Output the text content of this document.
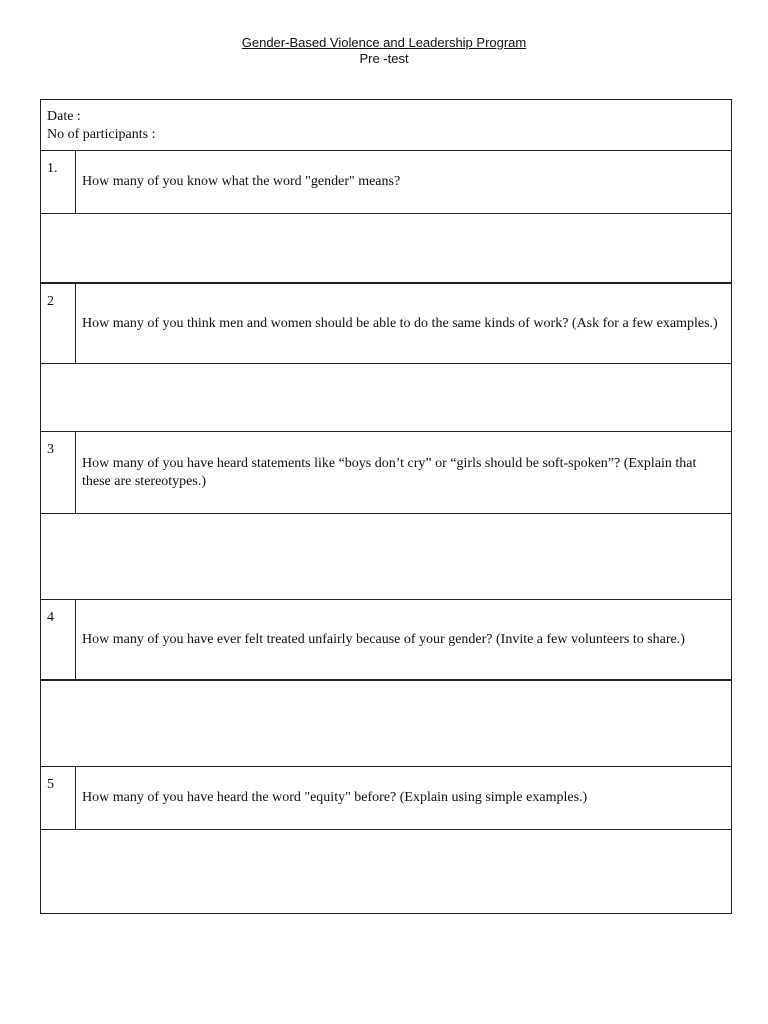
Gender-Based Violence and Leadership Program
Pre -test
Date :
No of participants :
1.
How many of you know what the word "gender" means?
2
How many of you think men and women should be able to do the same kinds of work? (Ask for a few examples.)
3
How many of you have heard statements like “boys don’t cry” or “girls should be soft-spoken”? (Explain that these are stereotypes.)
4
How many of you have ever felt treated unfairly because of your gender? (Invite a few volunteers to share.)
5
How many of you have heard the word "equity" before? (Explain using simple examples.)
